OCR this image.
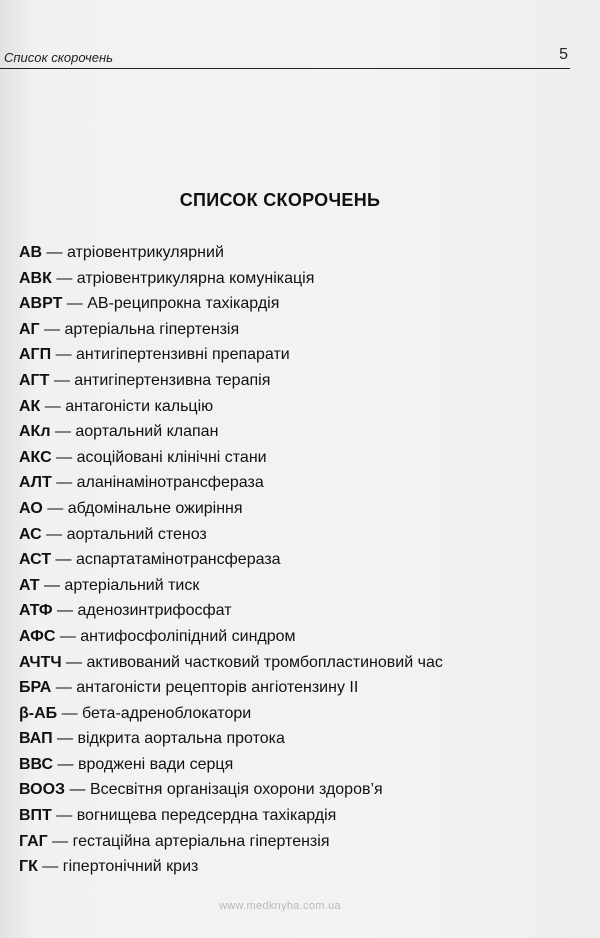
Список скорочень	5
СПИСОК СКОРОЧЕНЬ
АВ — атріовентрикулярний
АВК — атріовентрикулярна комунікація
АВРТ — АВ-реципрокна тахікардія
АГ — артеріальна гіпертензія
АГП — антигіпертензивні препарати
АГТ — антигіпертензивна терапія
АК — антагоністи кальцію
АКл — аортальний клапан
АКС — асоційовані клінічні стани
АЛТ — аланінамінотрансфераза
АО — абдомінальне ожиріння
АС — аортальний стеноз
АСТ — аспартатамінотрансфераза
АТ — артеріальний тиск
АТФ — аденозинтрифосфат
АФС — антифосфоліпідний синдром
АЧТЧ — активований частковий тромбопластиновий час
БРА — антагоністи рецепторів ангіотензину II
β-АБ — бета-адреноблокатори
ВАП — відкрита аортальна протока
ВВС — вроджені вади серця
ВООЗ — Всесвітня організація охорони здоров’я
ВПТ — вогнищева передсердна тахікардія
ГАГ — гестаційна артеріальна гіпертензія
ГК — гіпертонічний криз
www.medknyha.com.ua
